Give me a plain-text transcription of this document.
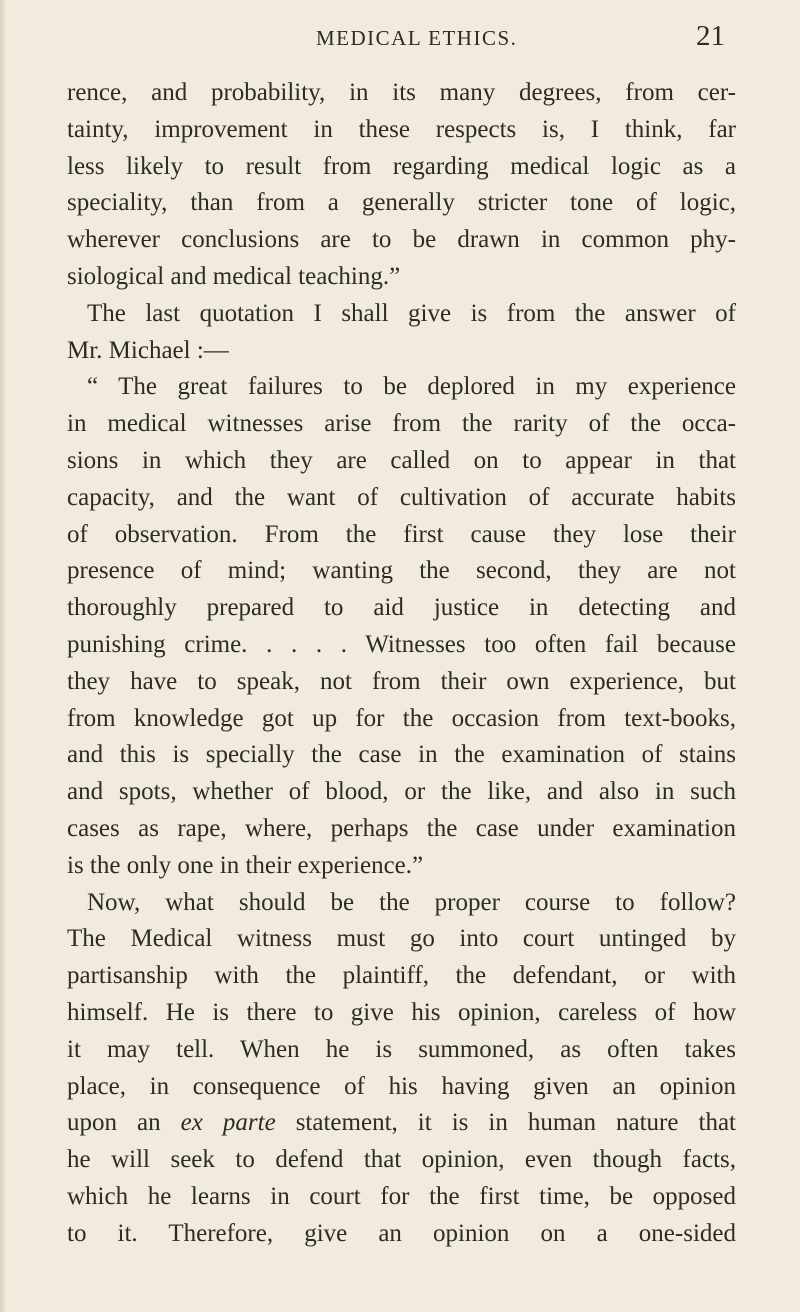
MEDICAL ETHICS.	21
rence, and probability, in its many degrees, from cer-
tainty, improvement in these respects is, I think, far
less likely to result from regarding medical logic as a
speciality, than from a generally stricter tone of logic,
wherever conclusions are to be drawn in common phy-
siological and medical teaching.”
The last quotation I shall give is from the answer of
Mr. Michael :—
“ The great failures to be deplored in my experience
in medical witnesses arise from the rarity of the occa-
sions in which they are called on to appear in that
capacity, and the want of cultivation of accurate habits
of observation. From the first cause they lose their
presence of mind; wanting the second, they are not
thoroughly prepared to aid justice in detecting and
punishing crime. . . . . Witnesses too often fail because
they have to speak, not from their own experience, but
from knowledge got up for the occasion from text-books,
and this is specially the case in the examination of stains
and spots, whether of blood, or the like, and also in such
cases as rape, where, perhaps the case under examination
is the only one in their experience.”
Now, what should be the proper course to follow?
The Medical witness must go into court untinged by
partisanship with the plaintiff, the defendant, or with
himself. He is there to give his opinion, careless of how
it may tell. When he is summoned, as often takes
place, in consequence of his having given an opinion
upon an ex parte statement, it is in human nature that
he will seek to defend that opinion, even though facts,
which he learns in court for the first time, be opposed
to it. Therefore, give an opinion on a one-sided
